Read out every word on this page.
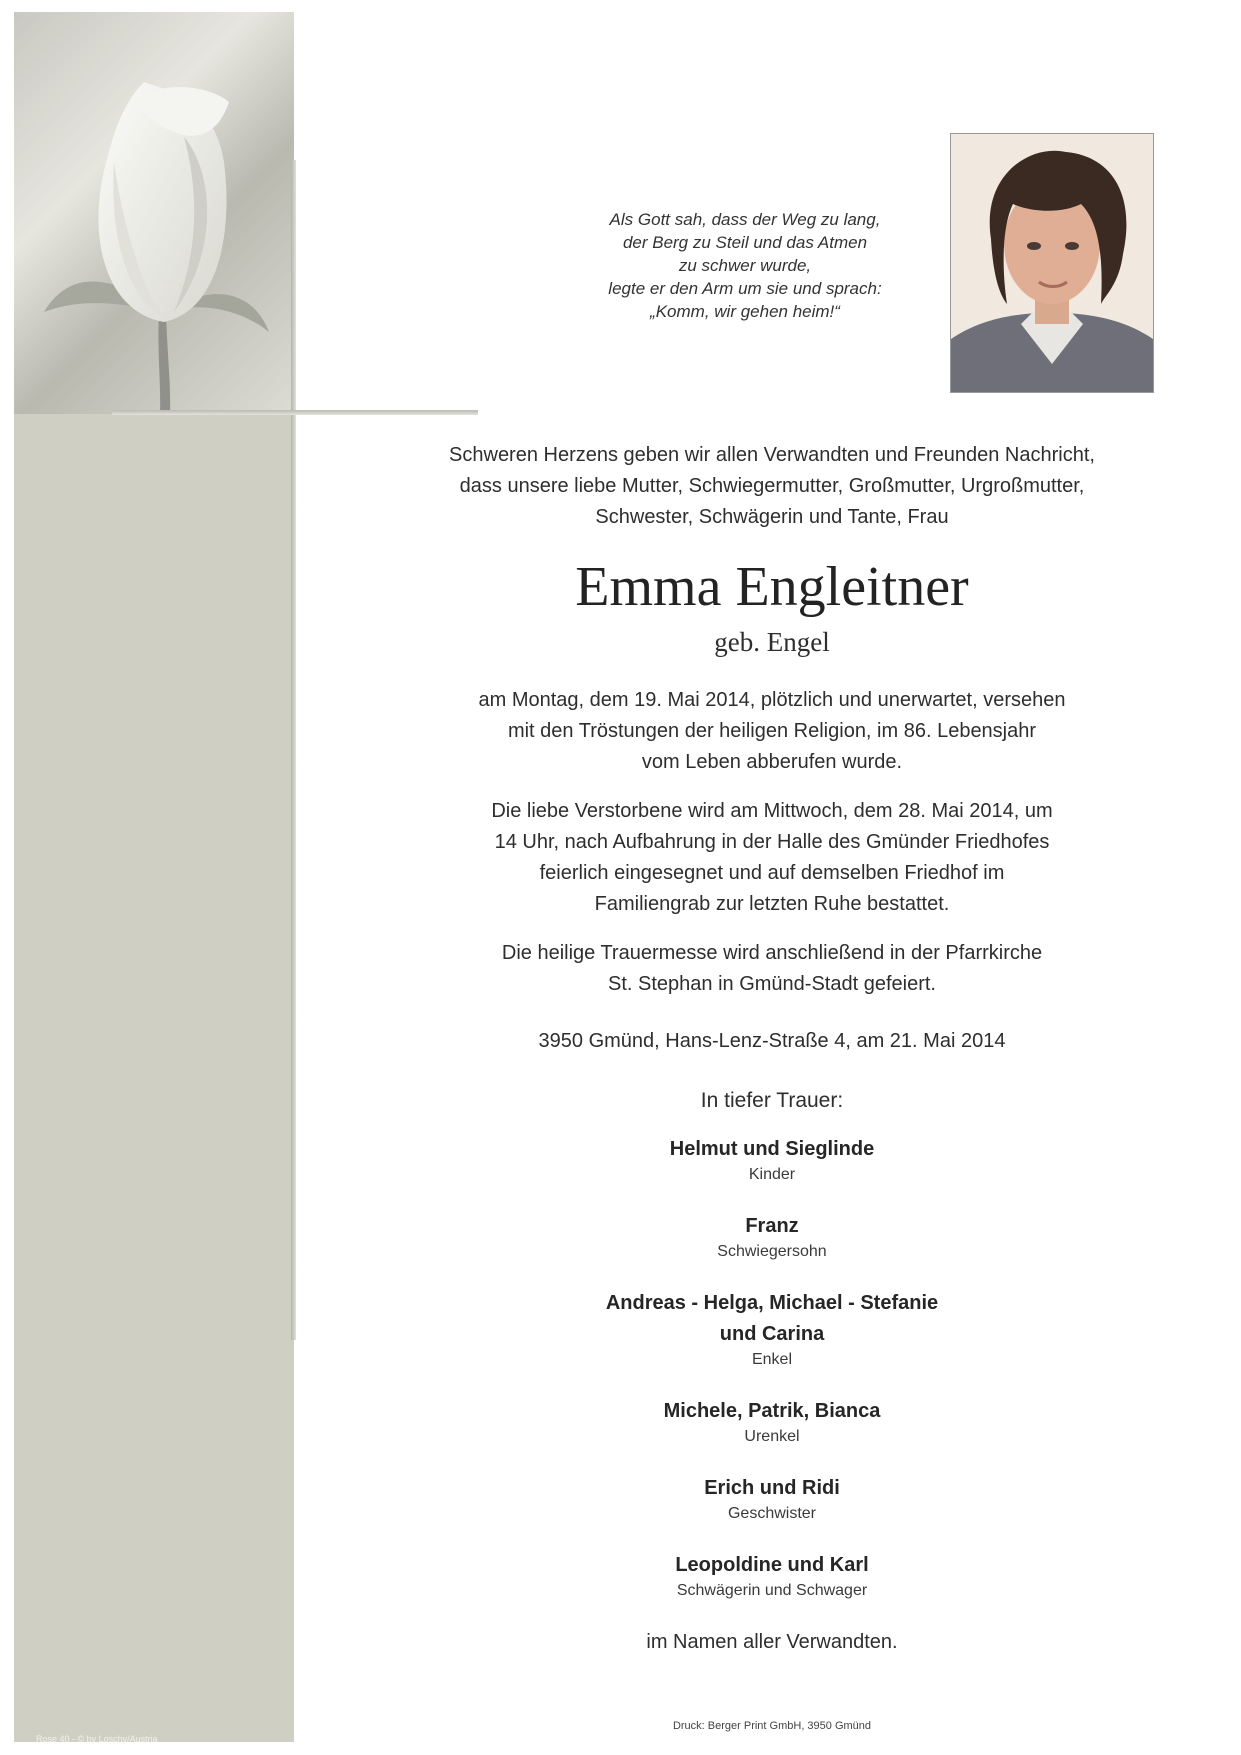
Rose 40 - © by Loschy/Austria

Als Gott sah, dass der Weg zu lang,
der Berg zu Steil und das Atmen
zu schwer wurde,
legte er den Arm um sie und sprach:
„Komm, wir gehen heim!“

Schweren Herzens geben wir allen Verwandten und Freunden Nachricht,
dass unsere liebe Mutter, Schwiegermutter, Großmutter, Urgroßmutter,
Schwester, Schwägerin und Tante, Frau

Emma Engleitner
geb. Engel

am Montag, dem 19. Mai 2014, plötzlich und unerwartet, versehen
mit den Tröstungen der heiligen Religion, im 86. Lebensjahr
vom Leben abberufen wurde.

Die liebe Verstorbene wird am Mittwoch, dem 28. Mai 2014, um
14 Uhr, nach Aufbahrung in der Halle des Gmünder Friedhofes
feierlich eingesegnet und auf demselben Friedhof im
Familiengrab zur letzten Ruhe bestattet.

Die heilige Trauermesse wird anschließend in der Pfarrkirche
St. Stephan in Gmünd-Stadt gefeiert.

3950 Gmünd, Hans-Lenz-Straße 4, am 21. Mai 2014
In tiefer Trauer:
Helmut und Sieglinde
Kinder
Franz
Schwiegersohn
Andreas - Helga, Michael - Stefanie
und Carina
Enkel
Michele, Patrik, Bianca
Urenkel
Erich und Ridi
Geschwister
Leopoldine und Karl
Schwägerin und Schwager
im Namen aller Verwandten.
Druck: Berger Print GmbH, 3950 Gmünd
